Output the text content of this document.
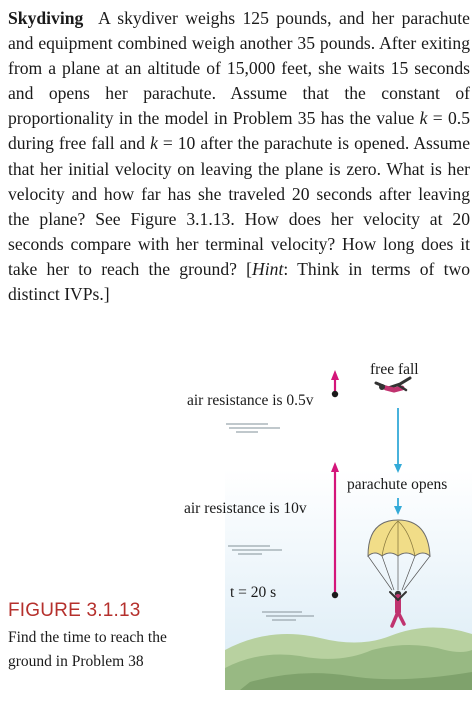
Skydiving A skydiver weighs 125 pounds, and her parachute and equipment combined weigh another 35 pounds. After exiting from a plane at an altitude of 15,000 feet, she waits 15 seconds and opens her parachute. Assume that the constant of proportionality in the model in Problem 35 has the value k = 0.5 during free fall and k = 10 after the parachute is opened. Assume that her initial velocity on leaving the plane is zero. What is her velocity and how far has she traveled 20 seconds after leaving the plane? See Figure 3.1.13. How does her velocity at 20 seconds compare with her terminal velocity? How long does it take her to reach the ground? [Hint: Think in terms of two distinct IVPs.]
free fall
air resistance is 0.5v
parachute opens
air resistance is 10v
t = 20 s
FIGURE 3.1.13
Find the time to reach the ground in Problem 38
